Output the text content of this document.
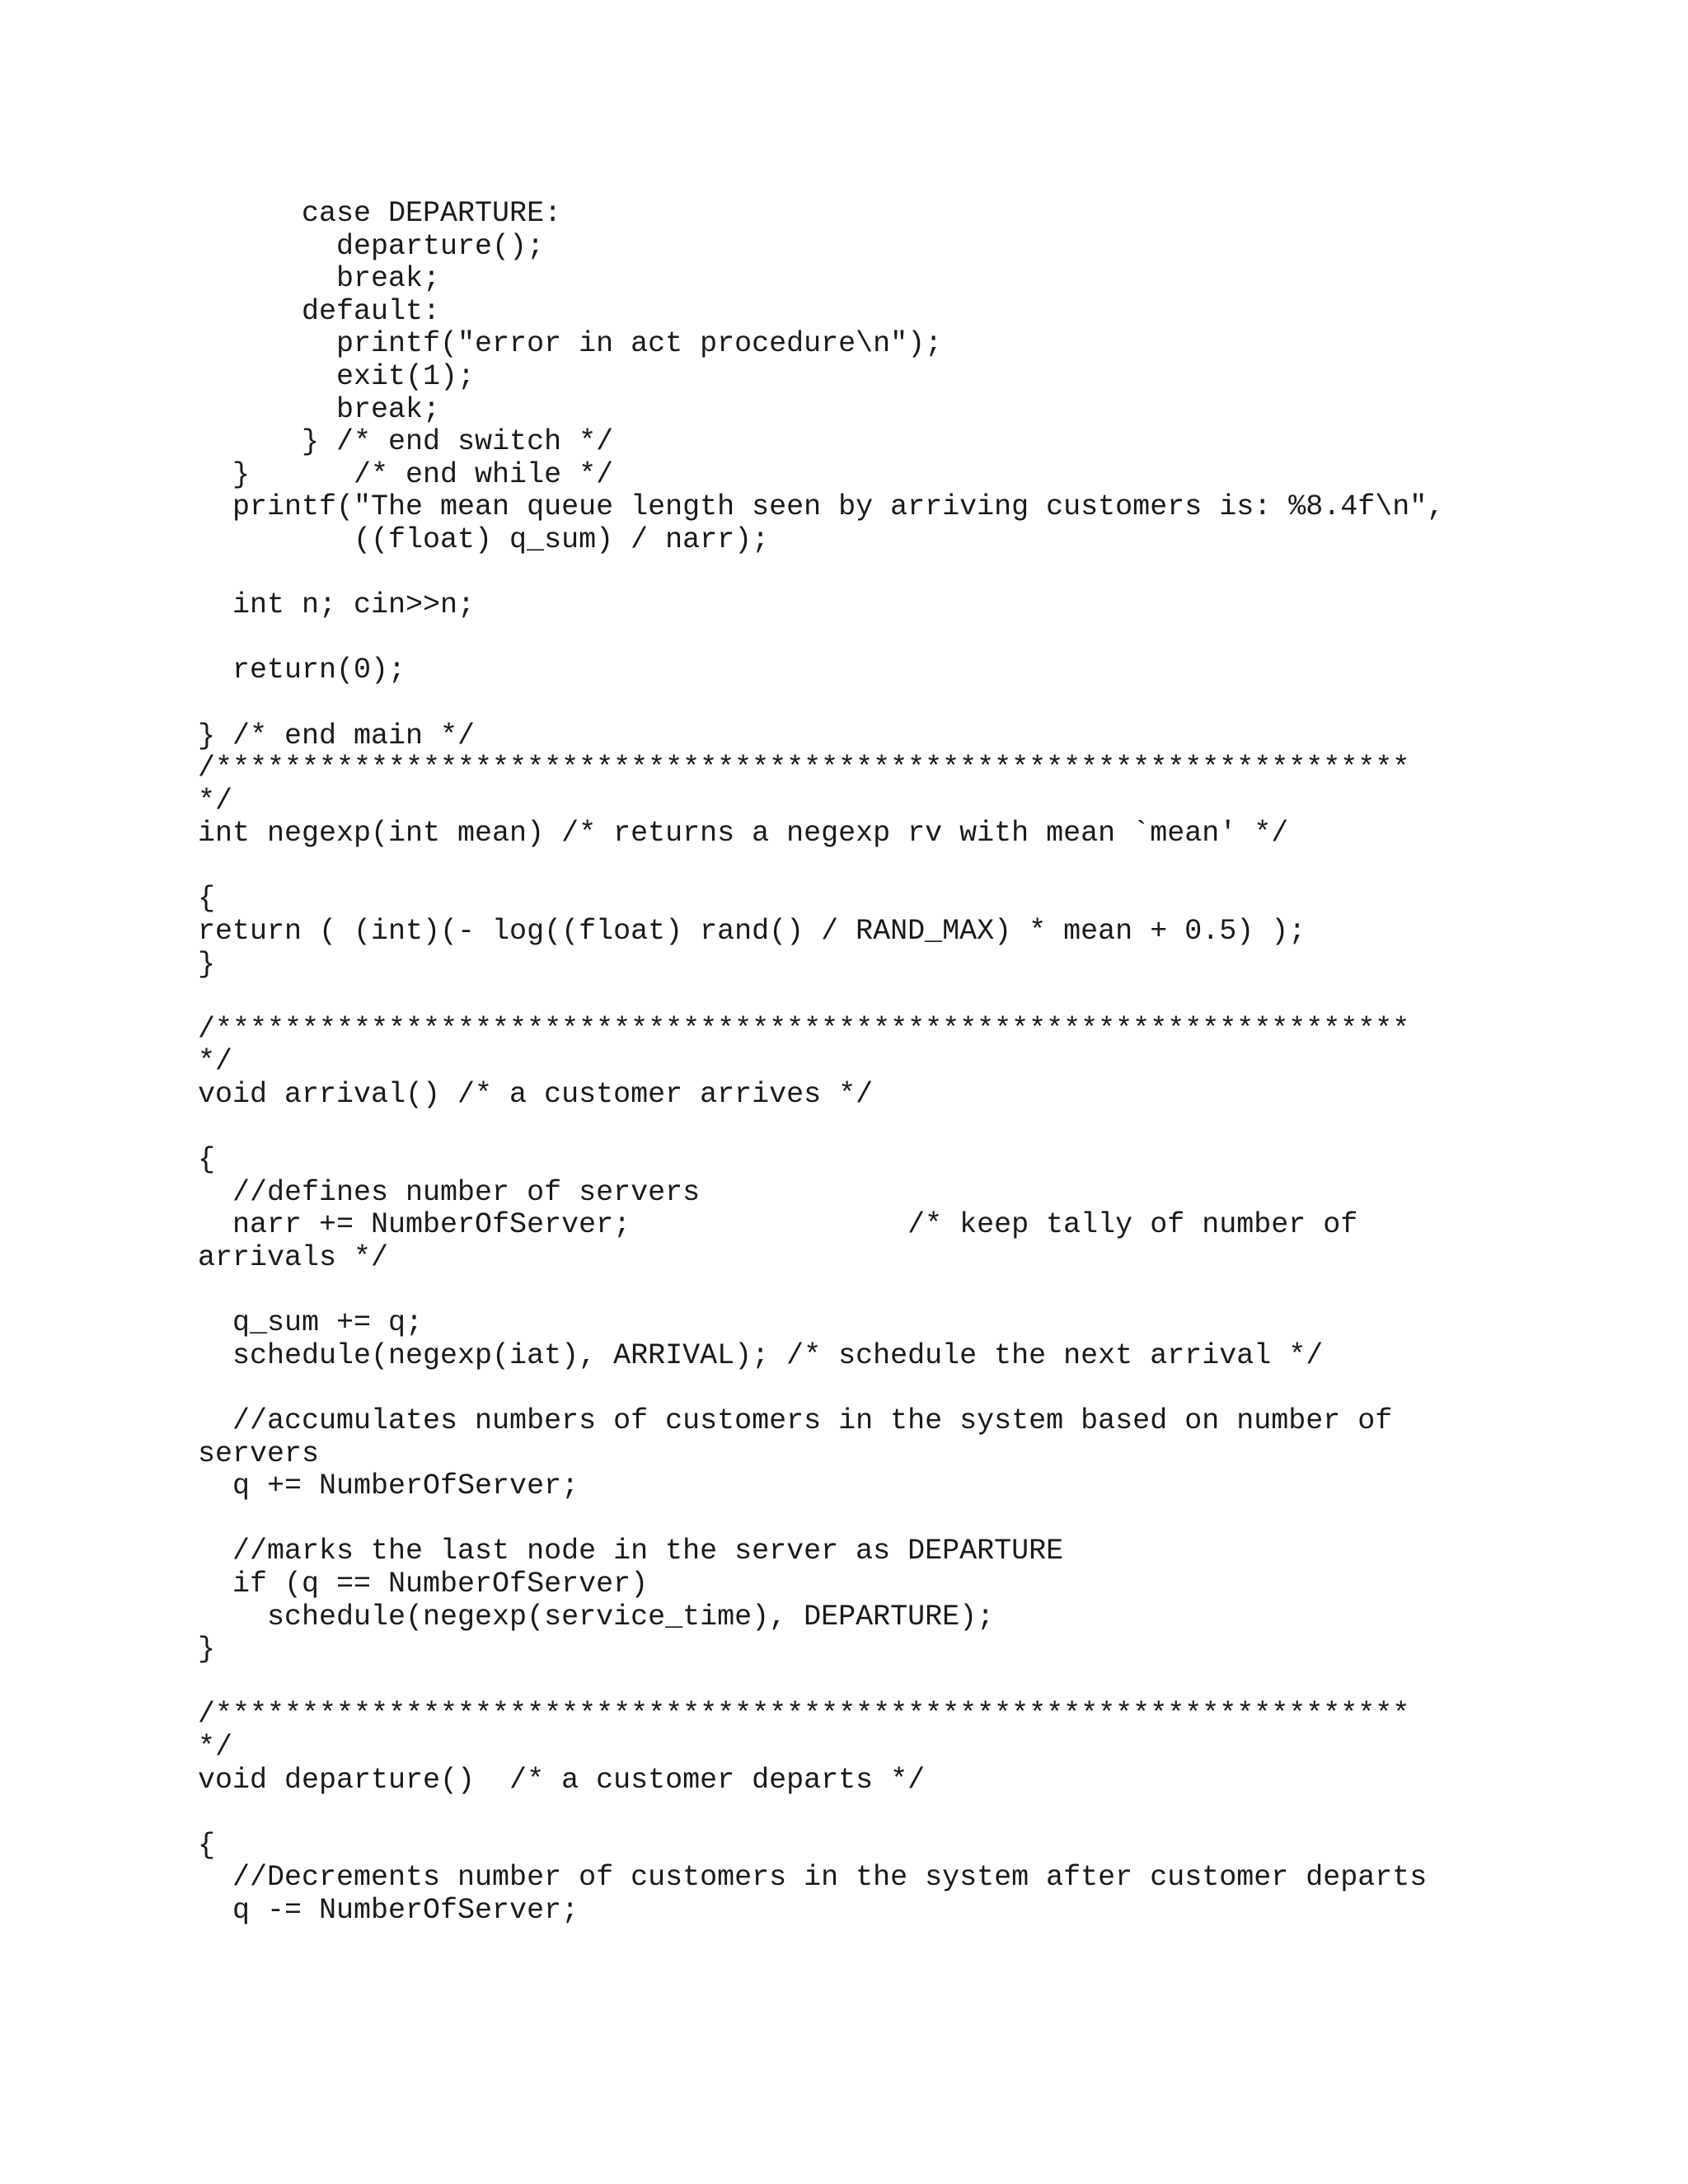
case DEPARTURE:
departure();
break;
default:
printf("error in act procedure\n");
exit(1);
break;
} /* end switch */
}      /* end while */
printf("The mean queue length seen by arriving customers is: %8.4f\n",
((float) q_sum) / narr);
int n; cin>>n;
return(0);
} /* end main */
/*********************************************************************
*/
int negexp(int mean) /* returns a negexp rv with mean `mean' */
{
return ( (int)(- log((float) rand() / RAND_MAX) * mean + 0.5) );
}
/*********************************************************************
*/
void arrival() /* a customer arrives */
{
//defines number of servers
narr += NumberOfServer;                /* keep tally of number of
arrivals */
q_sum += q;
schedule(negexp(iat), ARRIVAL); /* schedule the next arrival */
//accumulates numbers of customers in the system based on number of
servers
q += NumberOfServer;
//marks the last node in the server as DEPARTURE
if (q == NumberOfServer)
schedule(negexp(service_time), DEPARTURE);
}
/*********************************************************************
*/
void departure()  /* a customer departs */
{
//Decrements number of customers in the system after customer departs
q -= NumberOfServer;
